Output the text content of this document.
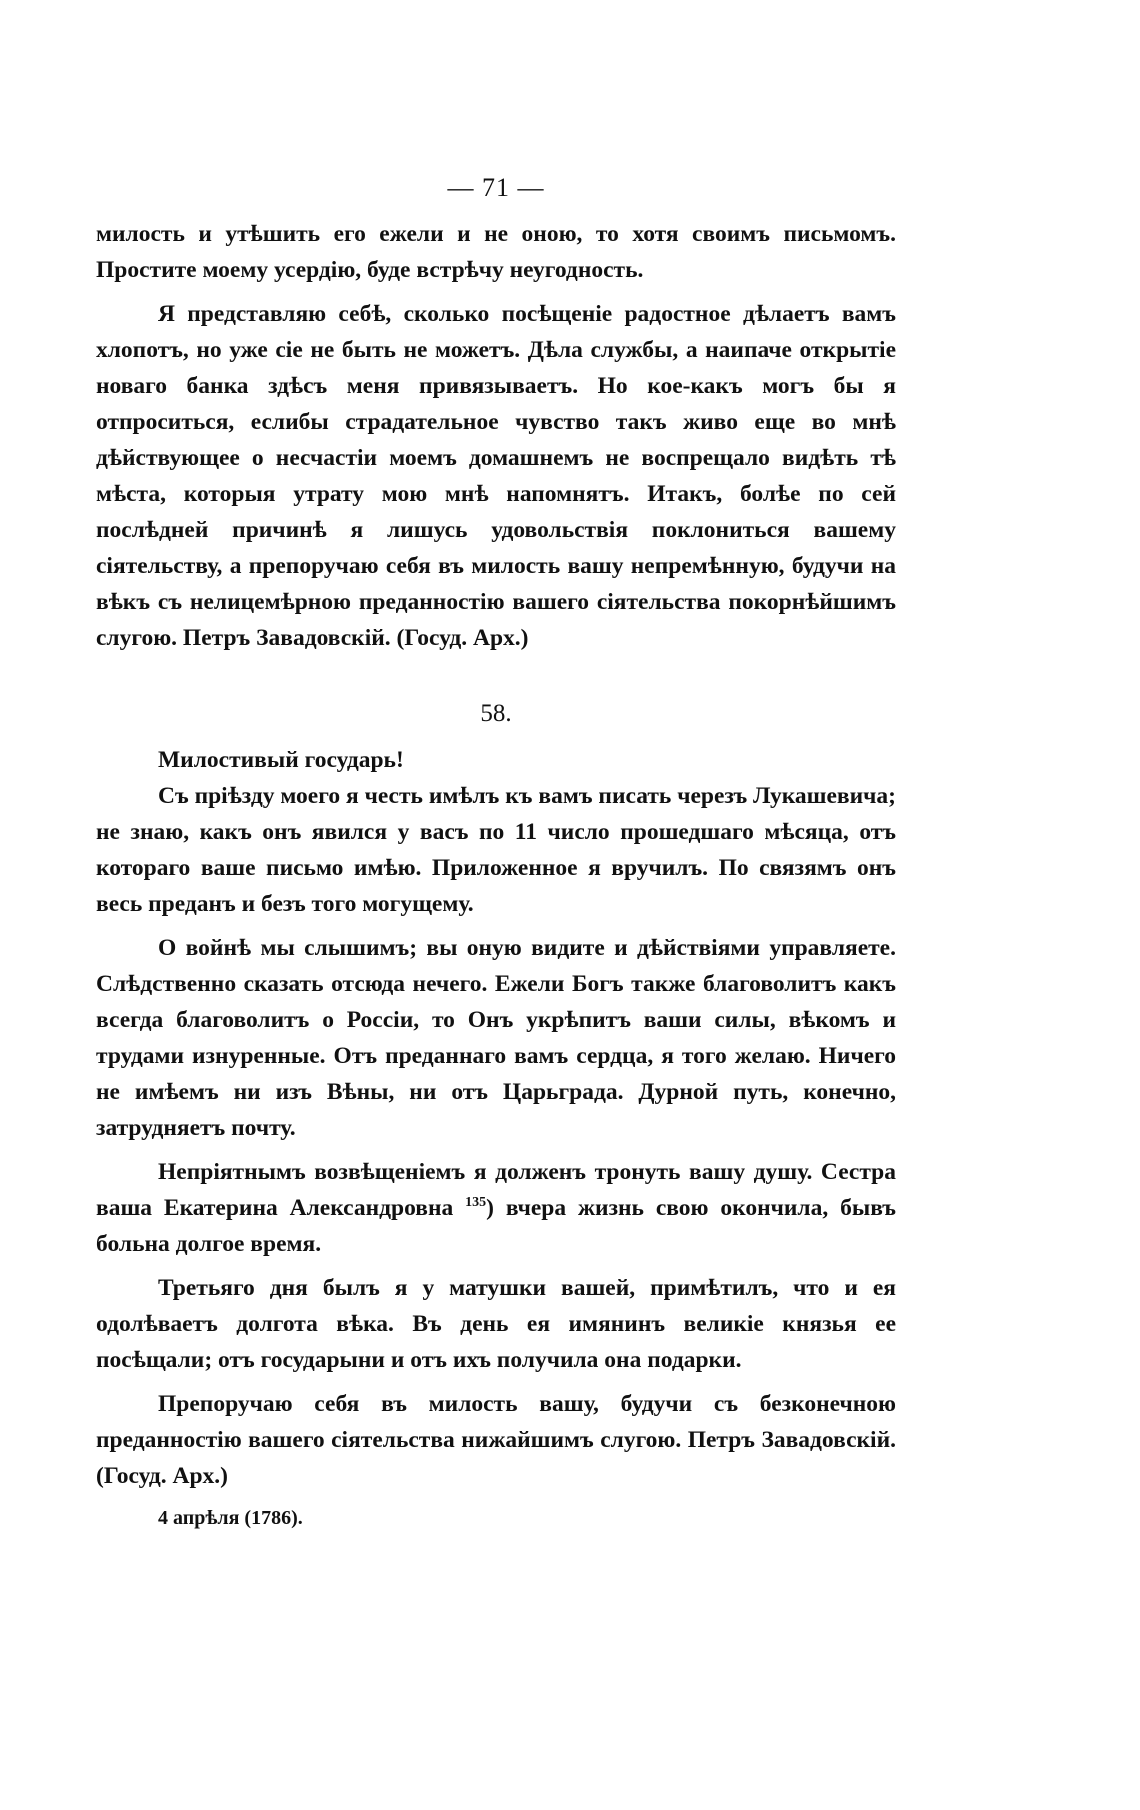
— 71 —

милость и утѣшить его ежели и не оною, то хотя своимъ письмомъ. Простите моему усердію, буде встрѣчу неугодность.

Я представляю себѣ, сколько посѣщеніе радостное дѣлаетъ вамъ хлопотъ, но уже сіе не быть не можетъ. Дѣла службы, а наипаче открытіе новаго банка здѣсъ меня привязываетъ. Но кое-какъ могъ бы я отпроситься, еслибы страдательное чувство такъ живо еще во мнѣ дѣйствующее о несчастіи моемъ домашнемъ не воспрещало видѣть тѣ мѣста, которыя утрату мою мнѣ напомнятъ. Итакъ, болѣе по сей послѣдней причинѣ я лишусь удовольствія поклониться вашему сіятельству, а препоручаю себя въ милость вашу непремѣнную, будучи на вѣкъ съ нелицемѣрною преданностію вашего сіятельства покорнѣйшимъ слугою. Петръ Завадовскій. (Госуд. Арх.)

58.

Милостивый государь!

Съ пріѣзду моего я честь имѣлъ къ вамъ писать черезъ Лукашевича; не знаю, какъ онъ явился у васъ по 11 число прошедшаго мѣсяца, отъ котораго ваше письмо имѣю. Приложенное я вручилъ. По связямъ онъ весь преданъ и безъ того могущему.

О войнѣ мы слышимъ; вы оную видите и дѣйствіями управляете. Слѣдственно сказать отсюда нечего. Ежели Богъ также благоволитъ какъ всегда благоволитъ о Россіи, то Онъ укрѣпитъ ваши силы, вѣкомъ и трудами изнуренные. Отъ преданнаго вамъ сердца, я того желаю. Ничего не имѣемъ ни изъ Вѣны, ни отъ Царьграда. Дурной путь, конечно, затрудняетъ почту.

Непріятнымъ возвѣщеніемъ я долженъ тронуть вашу душу. Сестра ваша Екатерина Александровна $^{135}$) вчера жизнь свою окончила, бывъ больна долгое время.

Третьяго дня былъ я у матушки вашей, примѣтилъ, что и ея одолѣваетъ долгота вѣка. Въ день ея имянинъ великіе князья ее посѣщали; отъ государыни и отъ ихъ получила она подарки.

Препоручаю себя въ милость вашу, будучи съ безконечною преданностію вашего сіятельства нижайшимъ слугою. Петръ Завадовскій. (Госуд. Арх.)

4 апрѣля (1786).
